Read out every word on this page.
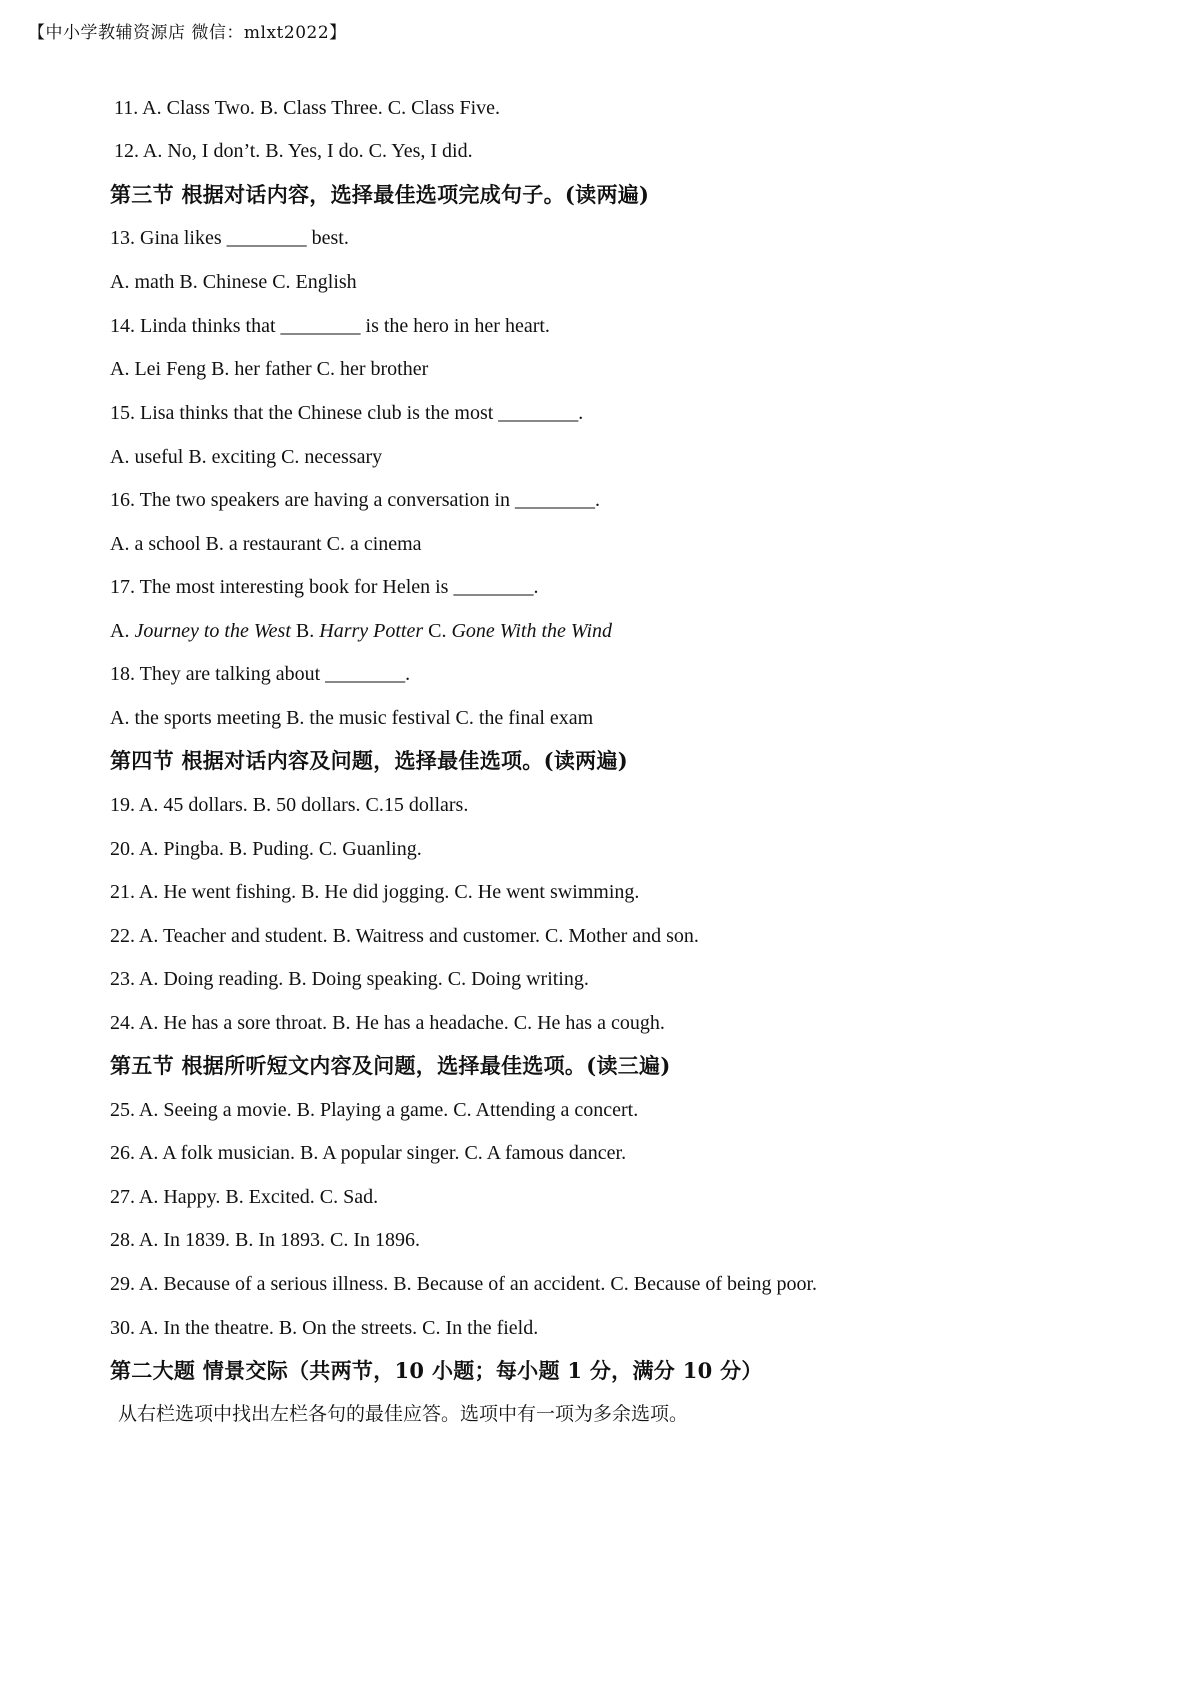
【中小学教辅资源店 微信：mlxt2022】
11. A. Class Two. B. Class Three. C. Class Five.
12. A. No, I don’t. B. Yes, I do. C. Yes, I did.
第三节 根据对话内容，选择最佳选项完成句子。(读两遍)
13. Gina likes ________ best.
A. math B. Chinese C. English
14. Linda thinks that ________ is the hero in her heart.
A. Lei Feng B. her father C. her brother
15. Lisa thinks that the Chinese club is the most ________.
A. useful B. exciting C. necessary
16. The two speakers are having a conversation in ________.
A. a school B. a restaurant C. a cinema
17. The most interesting book for Helen is ________.
A. Journey to the West B. Harry Potter C. Gone With the Wind
18. They are talking about ________.
A. the sports meeting B. the music festival C. the final exam
第四节 根据对话内容及问题，选择最佳选项。(读两遍)
19. A. 45 dollars. B. 50 dollars. C.15 dollars.
20. A. Pingba. B. Puding. C. Guanling.
21. A. He went fishing. B. He did jogging. C. He went swimming.
22. A. Teacher and student. B. Waitress and customer. C. Mother and son.
23. A. Doing reading. B. Doing speaking. C. Doing writing.
24. A. He has a sore throat. B. He has a headache. C. He has a cough.
第五节 根据所听短文内容及问题，选择最佳选项。(读三遍)
25. A. Seeing a movie. B. Playing a game. C. Attending a concert.
26. A. A folk musician. B. A popular singer. C. A famous dancer.
27. A. Happy. B. Excited. C. Sad.
28. A. In 1839. B. In 1893. C. In 1896.
29. A. Because of a serious illness. B. Because of an accident. C. Because of being poor.
30. A. In the theatre. B. On the streets. C. In the field.
第二大题 情景交际（共两节，10 小题；每小题 1 分，满分 10 分）
从右栏选项中找出左栏各句的最佳应答。选项中有一项为多余选项。
